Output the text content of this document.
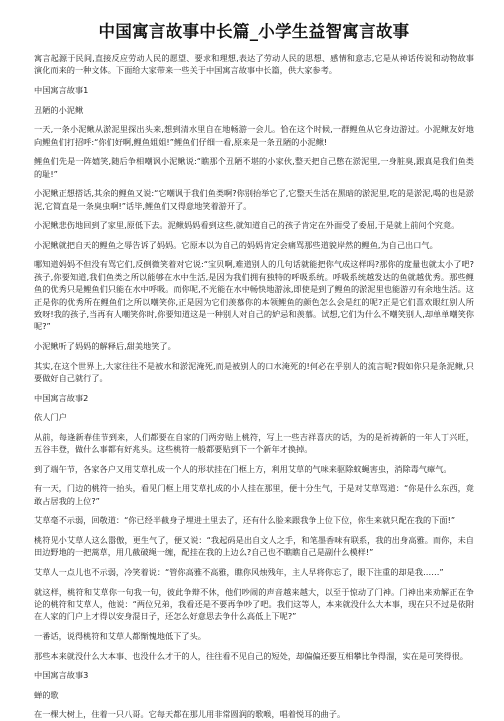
中国寓言故事中长篇_小学生益智寓言故事

寓言起源于民间,直接反应劳动人民的愿望、要求和理想,表达了劳动人民的思想、感情和意志,它是从神话传说和动物故事演化而来的一种文体。下面给大家带来一些关于中国寓言故事中长篇，供大家参考。

中国寓言故事1

丑陋的小泥鳅

一天,一条小泥鳅从淤泥里探出头来,想到清水里自在地畅游一会儿。恰在这个时候,一群鲤鱼从它身边游过。小泥鳅友好地向鲤鱼们打招呼:“你们好啊,鲤鱼姐姐!”鲤鱼们仔细一看,原来是一条丑陋的小泥鳅!

鲤鱼们先是一阵嬉笑,随后争相嘲讽小泥鳅说:“瞧那个丑陋不堪的小家伙,整天把自己憋在淤泥里,一身脏臭,跟真是我们鱼类的耻!”

小泥鳅正想搭话,其余的鲤鱼又说:“它嘲讽于我们鱼类啊?你别抬举它了,它整天生活在黑暗的淤泥里,吃的是淤泥,喝的也是淤泥,它简直是一条臭虫啊!”话毕,鲤鱼们又得意地笑着游开了。

小泥鳅悲伤地回到了家里,原低下去。泥鳅妈妈看到这些,就知道自己的孩子肯定在外面受了委屈,于是就上前问个究竟。

小泥鳅就把自天的鲤鱼之辱告诉了妈妈。它原本以为自己的妈妈肯定会痛骂那些道貌岸然的鲤鱼,为自己出口气。

哪知道妈妈不但没有骂它们,反倒微笑着对它说:“宝贝啊,难道别人的几句话就能把你气成这样吗?那你的度量也就太小了吧?孩子,你要知道,我们鱼类之所以能够在水中生活,是因为我们拥有独特的呼吸系统。呼吸系统越发达的鱼就越优秀。那些鲤鱼的优秀只是鲤鱼们只能在水中呼吸。而你呢,不光能在水中畅快地游泳,即使是到了鲤鱼的淤泥里也能游刃有余地生活。这正是你的优秀所在鲤鱼们之所以嘲笑你,正是因为它们羡慕你的本领鲤鱼的颜色怎么会是红的呢?正是它们喜欢眼红别人所致呀!我的孩子,当再有人嘲笑你时,你要知道这是一种别人对自己的妒忌和羡慕。试想,它们为什么不嘲笑别人,却单单嘲笑你呢?”

小泥鳅听了妈妈的解释后,甜美地笑了。

其实,在这个世界上,大家往往不是被水和淤泥淹死,而是被别人的口水淹死的!何必在乎别人的流言呢?假如你只是条泥鳅,只要做好自己就行了。

中国寓言故事2

依人门户

从前，每逢新春佳节到来，人们都要在自家的门两旁贴上桃符，写上一些吉祥喜庆的话，为的是祈祷新的一年人丁兴旺，五谷丰登，做什么事都有好兆头。这些桃符一般都要贴到下一个新年才换掉。

到了端午节，各家各户又用艾草扎成一个人的形状挂在门框上方，利用艾草的气味来驱除蚊蝇害虫，消除毒气瘴气。

有一天，门边的桃符一抬头，看见门框上用艾草扎成的小人挂在那里，便十分生气，于是对艾草骂道：“你是什么东西，竟敢占居我的上位?”

艾草毫不示弱，回敬道：“你已经半截身子埋进土里去了，还有什么脸来跟我争上位下位，你生来就只配在我的下面!”

桃符见小艾草人这么嚣傲，更生气了，便又说：“我起码是出自文人之手，和笔墨香味有联系，我的出身高雅。而你，未自田边野地的一把蒿草，用几截破绳一缠，配挂在我的上边么?自己也不瞧瞧自己是副什么模样!”

艾草人一点儿也不示弱，冷笑着说：“管你高雅不高雅，瞧你风烛残年，主人早将你忘了，眼下注重的却是我……”

就这样，桃符和艾草你一句我一句，彼此争辩不休，他们吵闹的声音越来越大，以至于惊动了门神。门神出来劝解正在争论的桃符和艾草人，他说：“两位兄弟，我看还是不要再争吵了吧。我们这等人，本来就没什么大本事，现在只不过是依附在人家的门户上才得以安身混日子，还怎么好意思去争什么高低上下呢?”

一番话，说得桃符和艾草人都惭愧地低下了头。

那些本来就没什么大本事、也没什么才干的人，往往看不见自己的短处，却偏偏还要互相攀比争得溜，实在是可笑得很。

中国寓言故事3

蝉的歌

在一棵大树上，住着一只八哥。它每天都在那儿用非常圆润的歌喉，唱着悦耳的曲子。
